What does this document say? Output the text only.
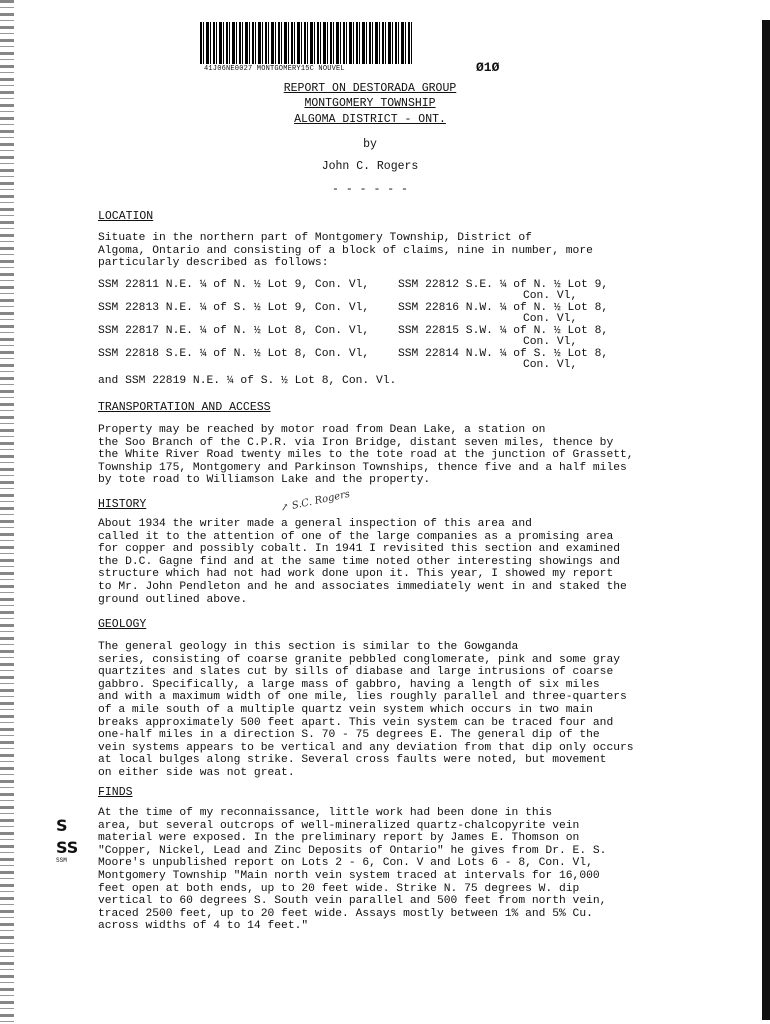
41J06NE0027 MONTGOMERY15C NOUVEL	Ø1Ø
REPORT ON DESTORADA GROUP
MONTGOMERY TOWNSHIP
ALGOMA DISTRICT - ONT.
by
John C. Rogers
- - - - - -
LOCATION

Situate in the northern part of Montgomery Township, District of
Algoma, Ontario and consisting of a block of claims, nine in number, more
particularly described as follows:

SSM 22811 N.E. ¼ of N. ½ Lot 9, Con. Vl,	SSM 22812 S.E. ¼ of N. ½ Lot 9,
Con. Vl,
SSM 22813 N.E. ¼ of S. ½ Lot 9, Con. Vl,	SSM 22816 N.W. ¼ of N. ½ Lot 8,
Con. Vl,
SSM 22817 N.E. ¼ of N. ½ Lot 8, Con. Vl,	SSM 22815 S.W. ¼ of N. ½ Lot 8,
Con. Vl,
SSM 22818 S.E. ¼ of N. ½ Lot 8, Con. Vl,	SSM 22814 N.W. ¼ of S. ½ Lot 8,
Con. Vl,
and SSM 22819 N.E. ¼ of S. ½ Lot 8, Con. Vl.
TRANSPORTATION AND ACCESS

Property may be reached by motor road from Dean Lake, a station on
the Soo Branch of the C.P.R. via Iron Bridge, distant seven miles, thence by
the White River Road twenty miles to the tote road at the junction of Grassett,
Township 175, Montgomery and Parkinson Townships, thence five and a half miles
by tote road to Williamson Lake and the property.

HISTORY	↗ S.C. Rogers

About 1934 the writer made a general inspection of this area and
called it to the attention of one of the large companies as a promising area
for copper and possibly cobalt. In 1941 I revisited this section and examined
the D.C. Gagne find and at the same time noted other interesting showings and
structure which had not had work done upon it. This year, I showed my report
to Mr. John Pendleton and he and associates immediately went in and staked the
ground outlined above.

GEOLOGY

The general geology in this section is similar to the Gowganda
series, consisting of coarse granite pebbled conglomerate, pink and some gray
quartzites and slates cut by sills of diabase and large intrusions of coarse
gabbro. Specifically, a large mass of gabbro, having a length of six miles
and with a maximum width of one mile, lies roughly parallel and three-quarters
of a mile south of a multiple quartz vein system which occurs in two main
breaks approximately 500 feet apart. This vein system can be traced four and
one-half miles in a direction S. 70 - 75 degrees E. The general dip of the
vein systems appears to be vertical and any deviation from that dip only occurs
at local bulges along strike. Several cross faults were noted, but movement
on either side was not great.

FINDS

At the time of my reconnaissance, little work had been done in this
area, but several outcrops of well-mineralized quartz-chalcopyrite vein
material were exposed. In the preliminary report by James E. Thomson on
"Copper, Nickel, Lead and Zinc Deposits of Ontario" he gives from Dr. E. S.
Moore's unpublished report on Lots 2 - 6, Con. V and Lots 6 - 8, Con. Vl,
Montgomery Township "Main north vein system traced at intervals for 16,000
feet open at both ends, up to 20 feet wide. Strike N. 75 degrees W. dip
vertical to 60 degrees S. South vein parallel and 500 feet from north vein,
traced 2500 feet, up to 20 feet wide. Assays mostly between 1% and 5% Cu.
across widths of 4 to 14 feet."

S
SS
SSM
